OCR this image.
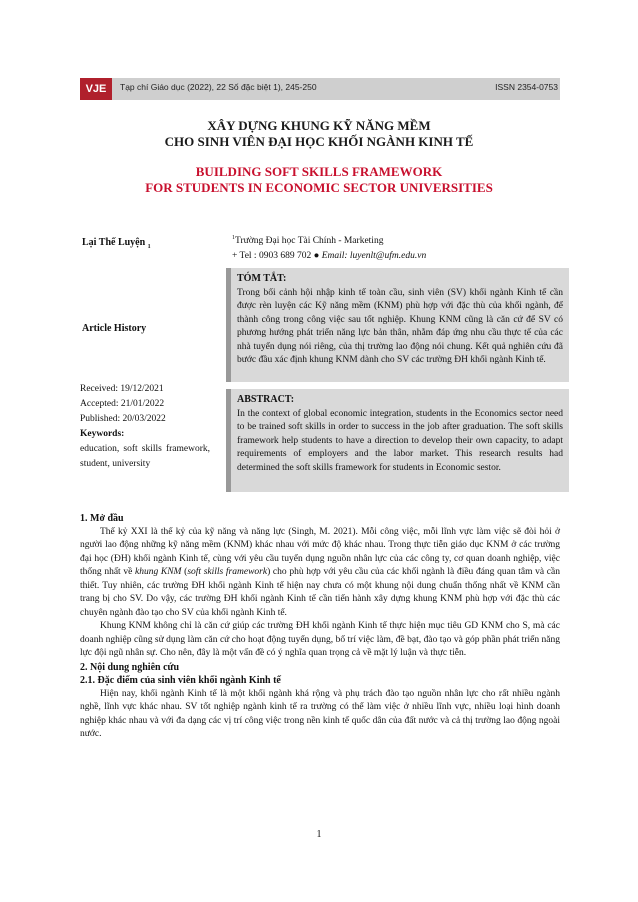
VJE	Tạp chí Giáo dục (2022), 22 Số đặc biệt 1), 245-250	ISSN 2354-0753
XÂY DỰNG KHUNG KỸ NĂNG MỀM
CHO SINH VIÊN ĐẠI HỌC KHỐI NGÀNH KINH TẾ
BUILDING SOFT SKILLS FRAMEWORK
FOR STUDENTS IN ECONOMIC SECTOR UNIVERSITIES
Lại Thế Luyện $_1$
$^1$Trường Đại học Tài Chính - Marketing
+ Tel : 0903 689 702 ● Email: luyenlt@ufm.edu.vn
Article History
Received: 19/12/2021
Accepted: 21/01/2022
Published: 20/03/2022
Keywords:
education, soft skills framework, student, university
TÓM TẮT:
Trong bối cảnh hội nhập kinh tế toàn cầu, sinh viên (SV) khối ngành Kinh tế cần được rèn luyện các Kỹ năng mềm (KNM) phù hợp với đặc thù của khối ngành, để thành công trong công việc sau tốt nghiệp. Khung KNM cũng là căn cứ để SV có phương hướng phát triển năng lực bản thân, nhằm đáp ứng nhu cầu thực tế của các nhà tuyển dụng nói riêng, của thị trường lao động nói chung. Kết quả nghiên cứu đã bước đầu xác định khung KNM dành cho SV các trường ĐH khối ngành Kinh tế.
ABSTRACT:
In the context of global economic integration, students in the Economics sector need to be trained soft skills in order to success in the job after graduation. The soft skills framework help students to have a direction to develop their own capacity, to adapt requirements of employers and the labor market. This research results had determined the soft skills framework for students in Economic sestor.

1. Mở đầu

Thế kỷ XXI là thế kỷ của kỹ năng và năng lực (Singh, M. 2021). Mỗi công việc, mỗi lĩnh vực làm việc sẽ đòi hỏi ở người lao động những kỹ năng mềm (KNM) khác nhau với mức độ khác nhau. Trong thực tiễn giáo dục KNM ở các trường đại học (ĐH) khối ngành Kinh tế, cùng với yêu cầu tuyển dụng nguồn nhân lực của các công ty, cơ quan doanh nghiệp, việc thống nhất về khung KNM (soft skills framework) cho phù hợp với yêu cầu của các khối ngành là điều đáng quan tâm và cần thiết. Tuy nhiên, các trường ĐH khối ngành Kinh tế hiện nay chưa có một khung nội dung chuẩn thống nhất về KNM cần trang bị cho SV. Do vậy, các trường ĐH khối ngành Kinh tế cần tiến hành xây dựng khung KNM phù hợp với đặc thù các chuyên ngành đào tạo cho SV của khối ngành Kinh tế.

Khung KNM không chỉ là căn cứ giúp các trường ĐH khối ngành Kinh tế thực hiện mục tiêu GD KNM cho S, mà các doanh nghiệp cũng sử dụng làm căn cứ cho hoạt động tuyển dụng, bố trí việc làm, đề bạt, đào tạo và góp phần phát triển năng lực đội ngũ nhân sự. Cho nên, đây là một vấn đề có ý nghĩa quan trọng cả về mặt lý luận và thực tiễn.

2. Nội dung nghiên cứu

2.1. Đặc điểm của sinh viên khối ngành Kinh tế

Hiện nay, khối ngành Kinh tế là một khối ngành khá rộng và phụ trách đào tạo nguồn nhân lực cho rất nhiều ngành nghề, lĩnh vực khác nhau. SV tốt nghiệp ngành kinh tế ra trường có thể làm việc ở nhiều lĩnh vực, nhiều loại hình doanh nghiệp khác nhau và với đa dạng các vị trí công việc trong nền kinh tế quốc dân của đất nước và cả thị trường lao động ngoài nước.

1
